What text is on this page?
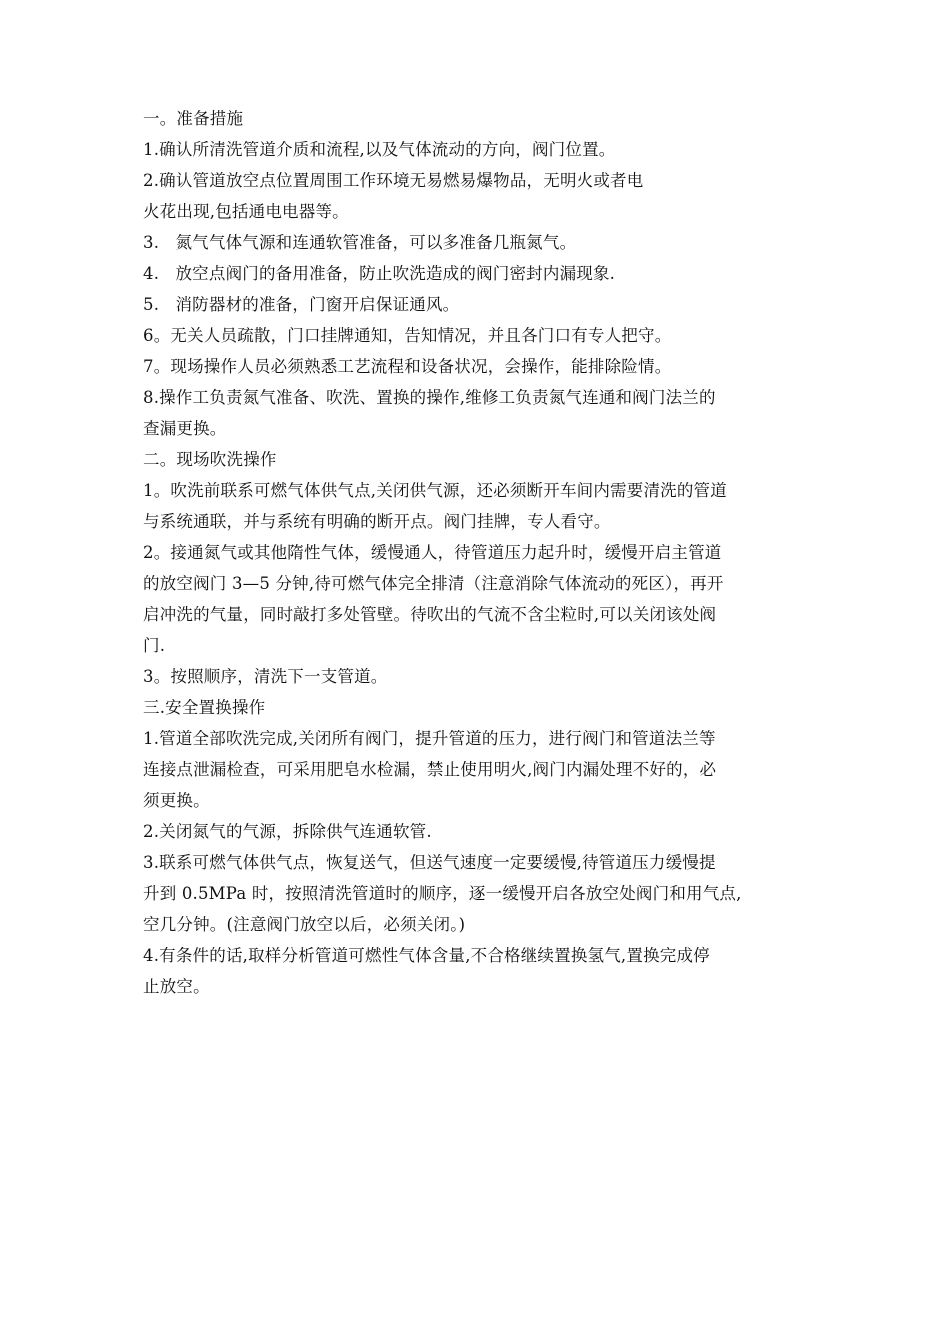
一。准备措施
1.确认所清洗管道介质和流程,以及气体流动的方向，阀门位置。
2.确认管道放空点位置周围工作环境无易燃易爆物品，无明火或者电
火花出现,包括通电电器等。
3.   氮气气体气源和连通软管准备，可以多准备几瓶氮气。
4.   放空点阀门的备用准备，防止吹洗造成的阀门密封内漏现象.
5.   消防器材的准备，门窗开启保证通风。
6。无关人员疏散，门口挂牌通知，告知情况，并且各门口有专人把守。
7。现场操作人员必须熟悉工艺流程和设备状况，会操作，能排除险情。
8.操作工负责氮气准备、吹洗、置换的操作,维修工负责氮气连通和阀门法兰的
查漏更换。
二。现场吹洗操作
1。吹洗前联系可燃气体供气点,关闭供气源，还必须断开车间内需要清洗的管道
与系统通联，并与系统有明确的断开点。阀门挂牌，专人看守。
2。接通氮气或其他隋性气体，缓慢通人，待管道压力起升时，缓慢开启主管道
的放空阀门 3—5 分钟,待可燃气体完全排清（注意消除气体流动的死区），再开
启冲洗的气量，同时敲打多处管壁。待吹出的气流不含尘粒时,可以关闭该处阀
门.
3。按照顺序，清洗下一支管道。
三.安全置换操作
1.管道全部吹洗完成,关闭所有阀门，提升管道的压力，进行阀门和管道法兰等
连接点泄漏检查，可采用肥皂水检漏，禁止使用明火,阀门内漏处理不好的，必
须更换。
2.关闭氮气的气源，拆除供气连通软管.
3.联系可燃气体供气点，恢复送气，但送气速度一定要缓慢,待管道压力缓慢提
升到 0.5MPa 时，按照清洗管道时的顺序，逐一缓慢开启各放空处阀门和用气点,
空几分钟。(注意阀门放空以后，必须关闭。)
4.有条件的话,取样分析管道可燃性气体含量,不合格继续置换氢气,置换完成停
止放空。
